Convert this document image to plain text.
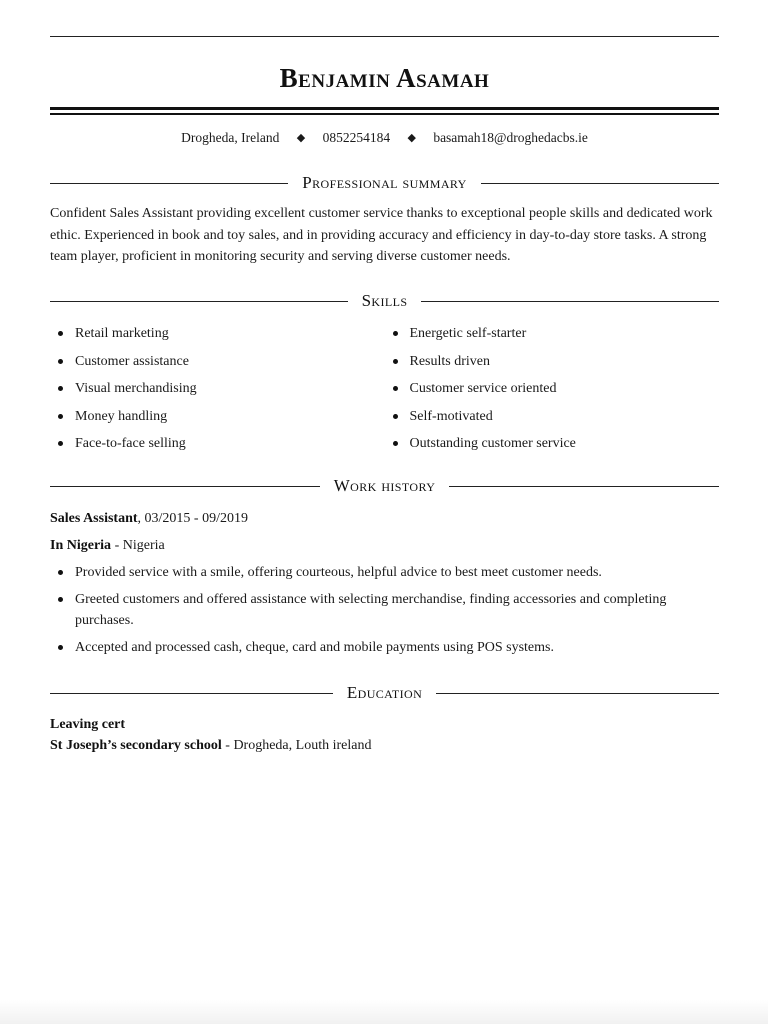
Benjamin Asamah
Drogheda, Ireland ◆ 0852254184 ◆ basamah18@droghedacbs.ie
Professional summary
Confident Sales Assistant providing excellent customer service thanks to exceptional people skills and dedicated work ethic. Experienced in book and toy sales, and in providing accuracy and efficiency in day-to-day store tasks. A strong team player, proficient in monitoring security and serving diverse customer needs.
Skills
Retail marketing
Customer assistance
Visual merchandising
Money handling
Face-to-face selling
Energetic self-starter
Results driven
Customer service oriented
Self-motivated
Outstanding customer service
Work history
Sales Assistant, 03/2015 - 09/2019
In Nigeria - Nigeria
Provided service with a smile, offering courteous, helpful advice to best meet customer needs.
Greeted customers and offered assistance with selecting merchandise, finding accessories and completing purchases.
Accepted and processed cash, cheque, card and mobile payments using POS systems.
Education
Leaving cert
St Joseph’s secondary school - Drogheda, Louth ireland
